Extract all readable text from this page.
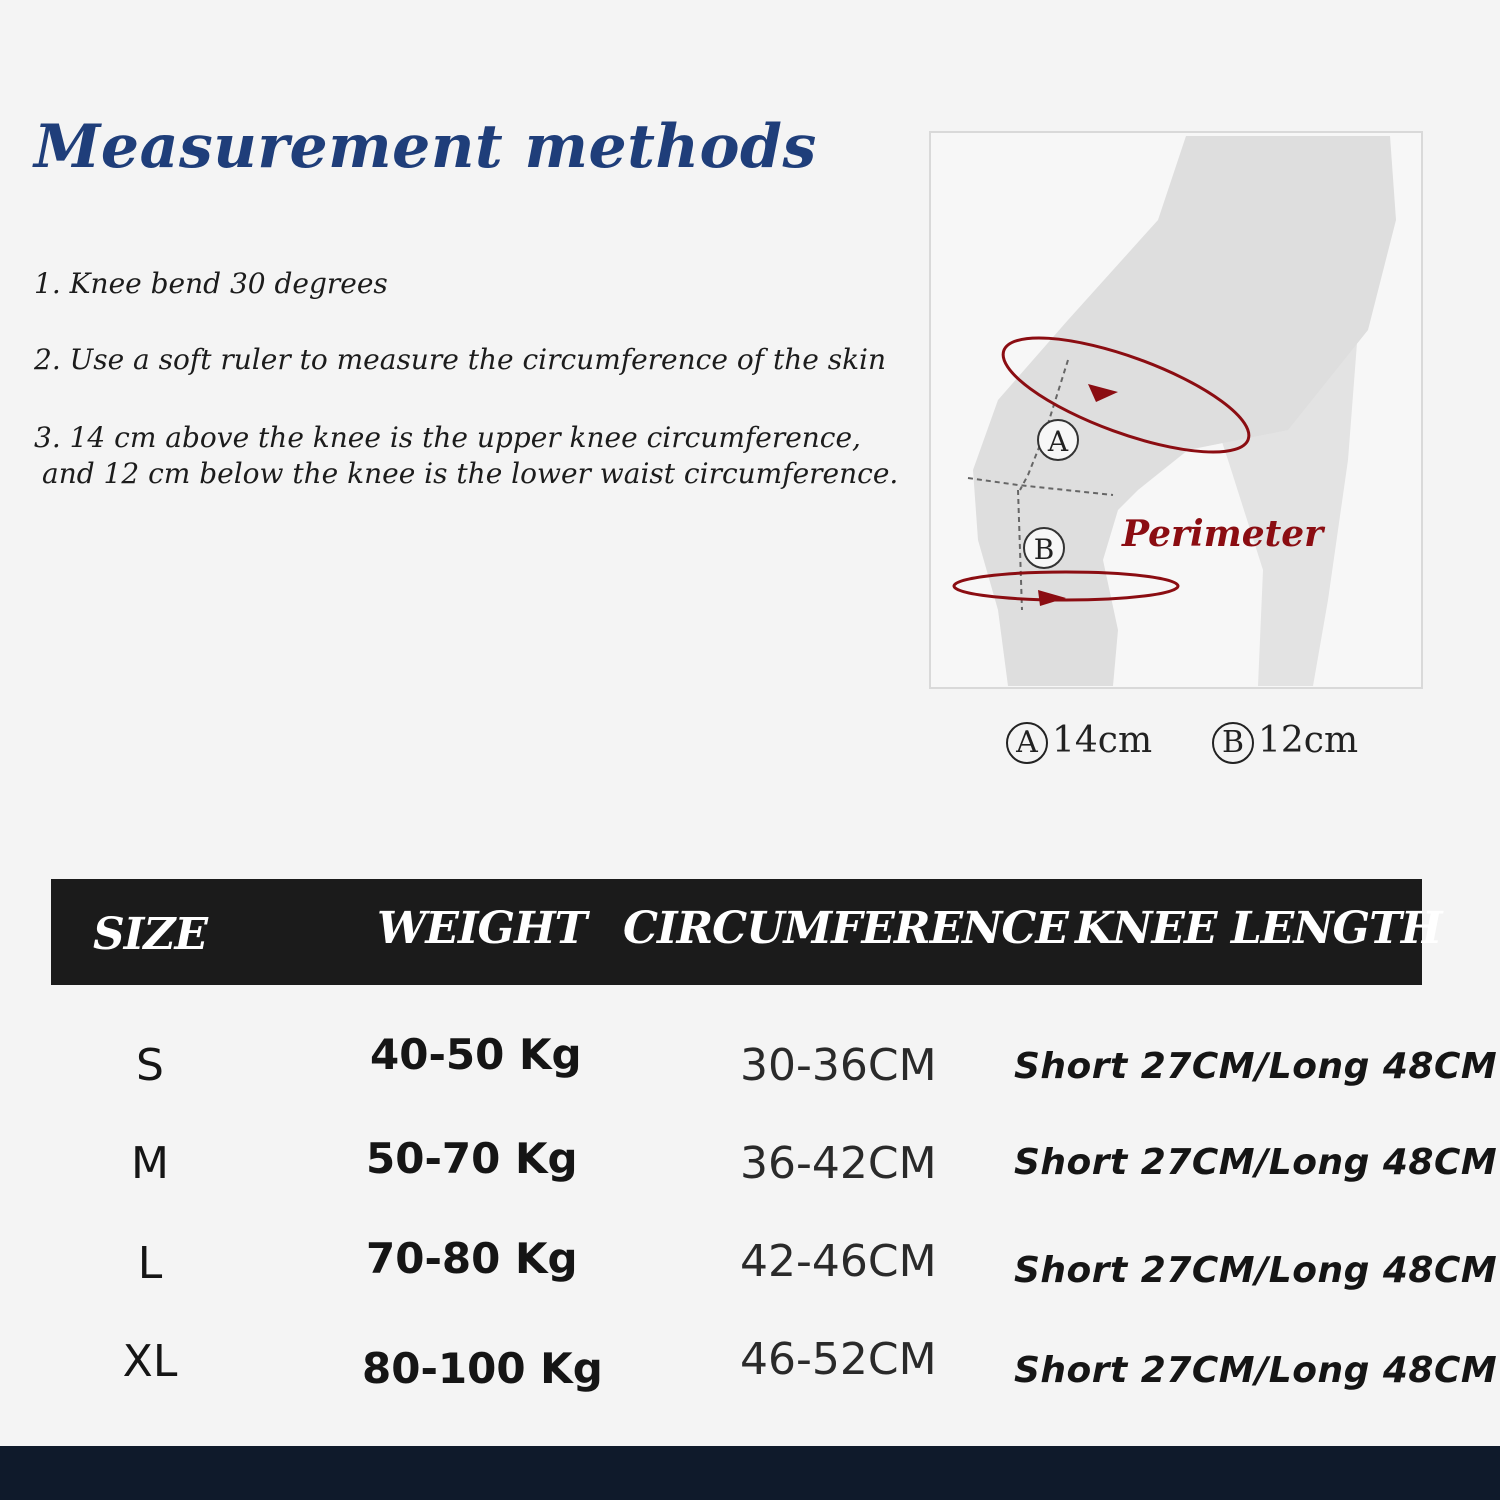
Measurement methods
1. Knee bend 30 degrees
2. Use a soft ruler to measure the circumference of the skin
3. 14 cm above the knee is the upper knee circumference,
and 12 cm below the knee is the lower waist circumference.
A
B Perimeter
A 14cm	B 12cm
SIZE	WEIGHT CIRCUMFERENCE KNEE LENGTH
S	40-50 Kg	30-36CM Short 27CM/Long 48CM
M	50-70 Kg	36-42CM Short 27CM/Long 48CM
L	70-80 Kg	42-46CM Short 27CM/Long 48CM
XL	80-100 Kg	46-52CM Short 27CM/Long 48CM
